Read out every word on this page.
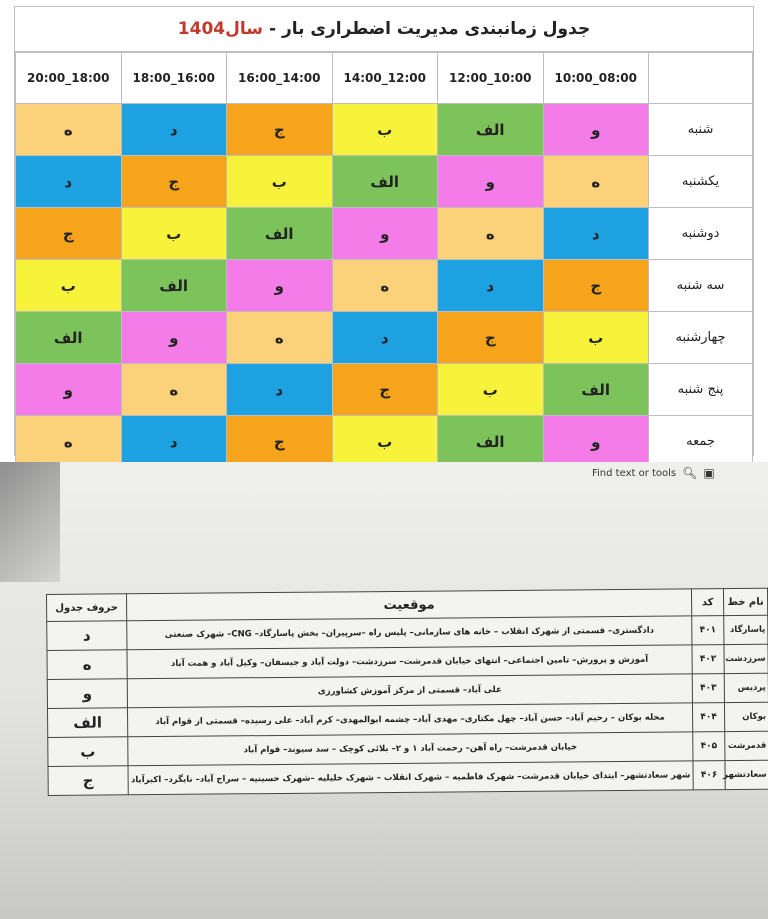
جدول زمانبندی مدیریت اضطراری بار -
سال1404
	08:00_10:00	10:00_12:00	12:00_14:00	14:00_16:00	16:00_18:00	18:00_20:00
شنبه	و	الف	ب	ج	د	ه
یکشنبه	ه	و	الف	ب	ج	د
دوشنبه	د	ه	و	الف	ب	ج
سه شنبه	ج	د	ه	و	الف	ب
چهارشنبه	ب	ج	د	ه	و	الف
پنج شنبه	الف	ب	ج	د	ه	و
جمعه	و	الف	ب	ج	د	ه
Find text or tools 🔍︎ ▣
نام خط	کد	موقعیت	حروف جدول
پاسارگاد	۴۰۱	دادگستری– قسمتی از شهرک انقلاب – خانه های سازمانی– پلیس راه –سرپیران– بخش پاسارگاد– CNG– شهرک صنعتی	د
سرزدشت	۴۰۲	آموزش و پرورش– تامین اجتماعی– انتهای خیابان قدمرشت– سرزدشت– دولت آباد و جیسفان– وکیل آباد و همت آباد	ه
پردیس	۴۰۳	علی آباد– قسمتی از مرکز آموزش کشاورزی	و
بوکان	۴۰۴	محله بوکان – رحیم آباد– حسن آباد– چهل مکتاری– مهدی آباد– چشمه ابوالمهدی– کرم آباد– علی رسیده– قسمتی از قوام آباد	الف
قدمرشت	۴۰۵	خیابان قدمرشت– راه آهن– رحمت آباد ۱ و ۲– بلائی کوچک – سد سیوند– قوام آباد	ب
سعادتشهر	۴۰۶	شهر سعادتشهر– ابتدای خیابان قدمرشت– شهرک فاطمیه – شهرک انقلاب – شهرک خلیلیه –شهرک حسینیه – سراج آباد– نایگرد– اکبرآباد	ج
